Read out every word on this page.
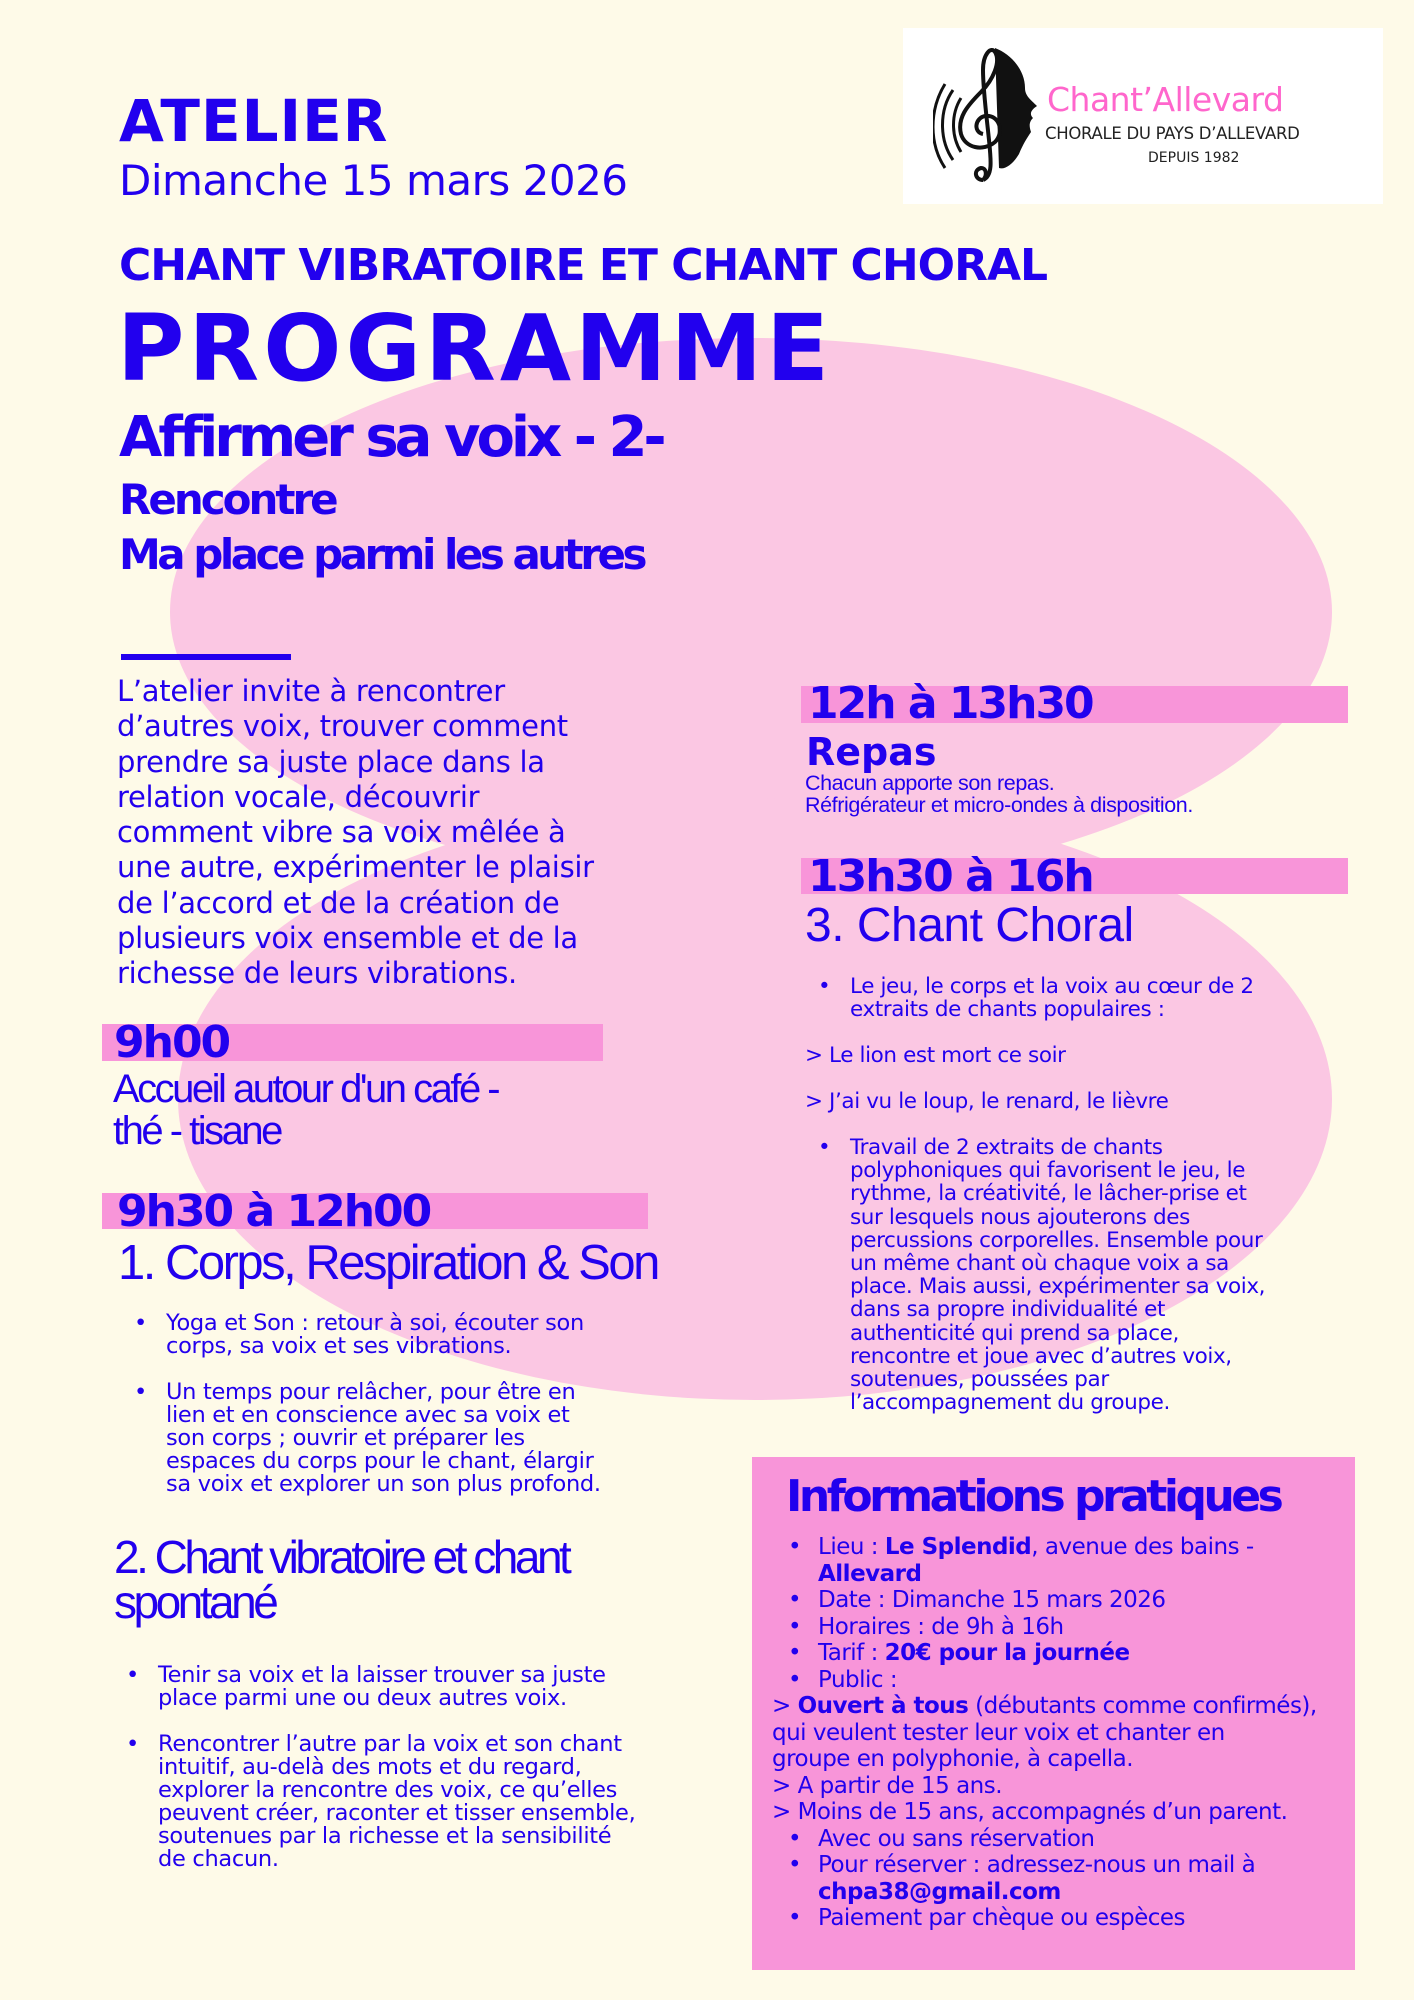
Chant’Allevard
CHORALE DU PAYS D’ALLEVARD
DEPUIS 1982
ATELIER
Dimanche 15 mars 2026
CHANT VIBRATOIRE ET CHANT CHORAL
PROGRAMME
Affirmer sa voix - 2-
Rencontre
Ma place parmi les autres
L’atelier invite à rencontrer
d’autres voix, trouver comment
prendre sa juste place dans la
relation vocale, découvrir
comment vibre sa voix mêlée à
une autre, expérimenter le plaisir
de l’accord et de la création de
plusieurs voix ensemble et de la
richesse de leurs vibrations.
9h00
Accueil autour d'un café -
thé - tisane
9h30 à 12h00
1. Corps, Respiration & Son
• Yoga et Son : retour à soi, écouter son
corps, sa voix et ses vibrations.
• Un temps pour relâcher, pour être en
lien et en conscience avec sa voix et
son corps ; ouvrir et préparer les
espaces du corps pour le chant, élargir
sa voix et explorer un son plus profond.
2. Chant vibratoire et chant
spontané
• Tenir sa voix et la laisser trouver sa juste
place parmi une ou deux autres voix.
• Rencontrer l’autre par la voix et son chant
intuitif, au-delà des mots et du regard,
explorer la rencontre des voix, ce qu’elles
peuvent créer, raconter et tisser ensemble,
soutenues par la richesse et la sensibilité
de chacun.
12h à 13h30
Repas
Chacun apporte son repas.
Réfrigérateur et micro-ondes à disposition.
13h30 à 16h
3. Chant Choral
• Le jeu, le corps et la voix au cœur de 2
extraits de chants populaires :
> Le lion est mort ce soir
> J’ai vu le loup, le renard, le lièvre
• Travail de 2 extraits de chants
polyphoniques qui favorisent le jeu, le
rythme, la créativité, le lâcher-prise et
sur lesquels nous ajouterons des
percussions corporelles. Ensemble pour
un même chant où chaque voix a sa
place. Mais aussi, expérimenter sa voix,
dans sa propre individualité et
authenticité qui prend sa place,
rencontre et joue avec d’autres voix,
soutenues, poussées par
l’accompagnement du groupe.
Informations pratiques
• Lieu : Le Splendid, avenue des bains -
Allevard
• Date : Dimanche 15 mars 2026
• Horaires : de 9h à 16h
• Tarif : 20€ pour la journée
• Public :
> Ouvert à tous (débutants comme confirmés),
qui veulent tester leur voix et chanter en
groupe en polyphonie, à capella.
> A partir de 15 ans.
> Moins de 15 ans, accompagnés d’un parent.
• Avec ou sans réservation
• Pour réserver : adressez-nous un mail à
chpa38@gmail.com
• Paiement par chèque ou espèces
